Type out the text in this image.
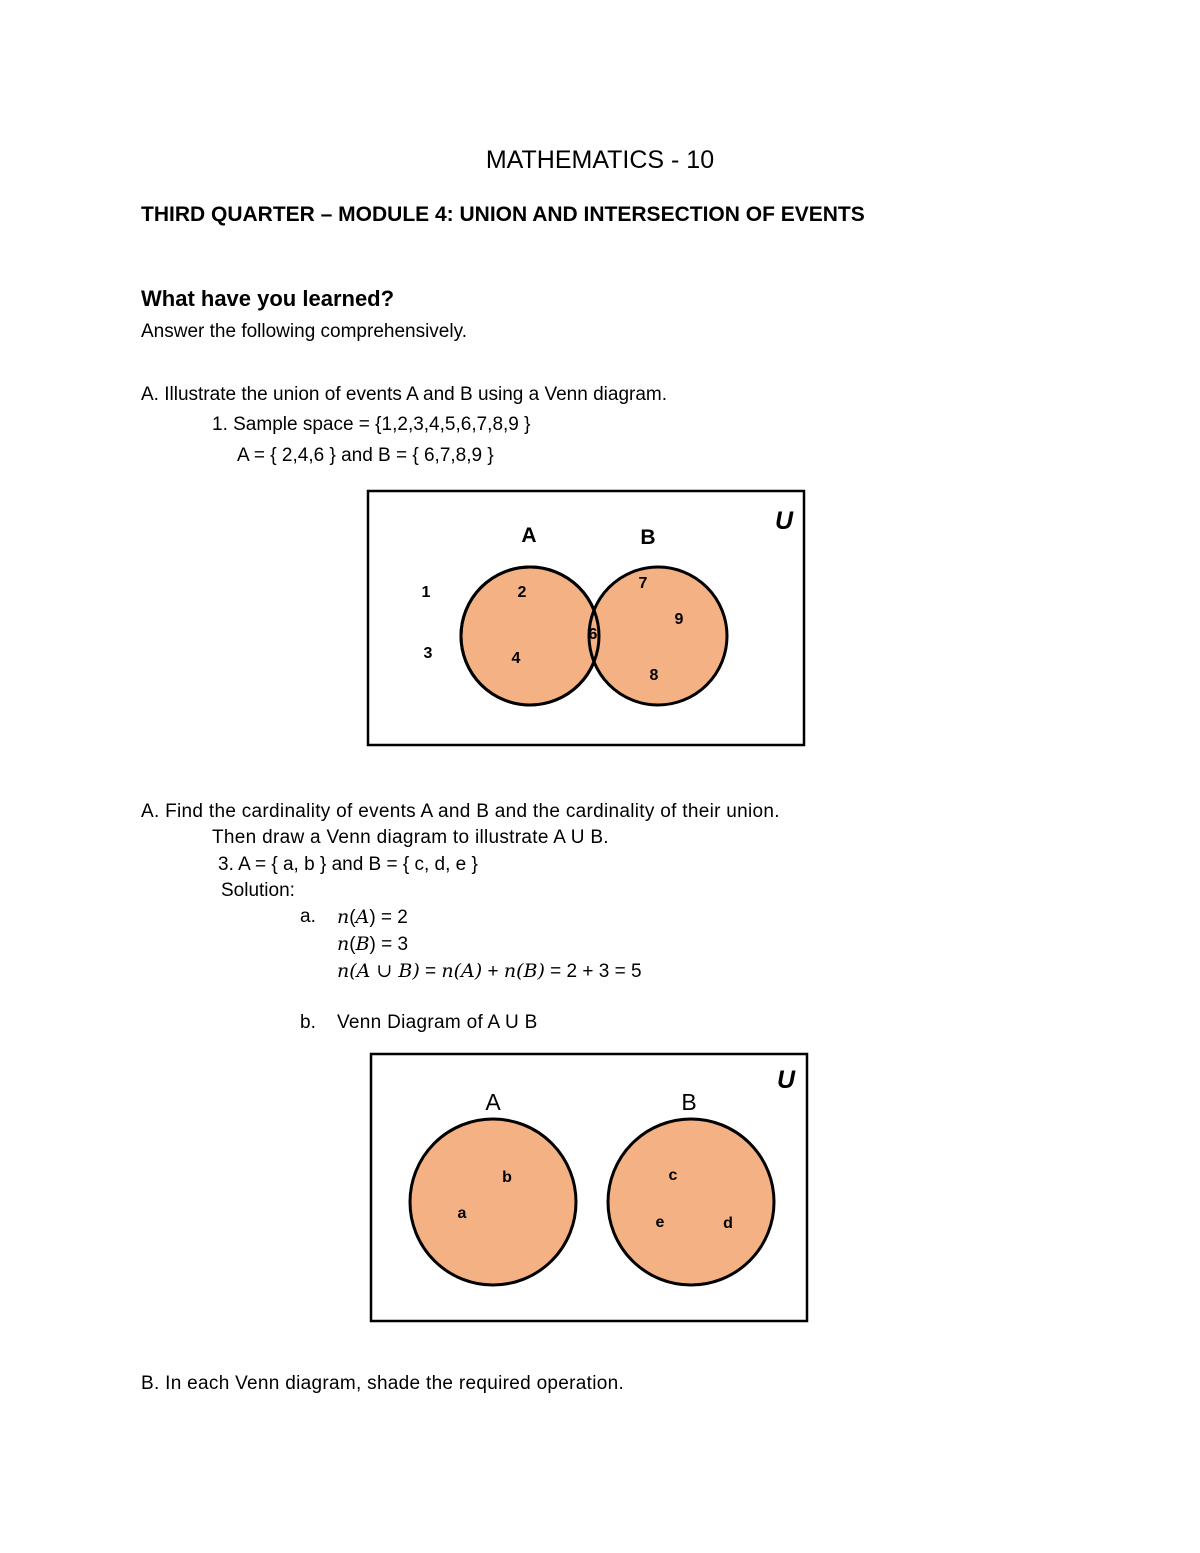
MATHEMATICS - 10
THIRD QUARTER – MODULE 4: UNION AND INTERSECTION OF EVENTS
What have you learned?
Answer the following comprehensively.
A. Illustrate the union of events A and B using a Venn diagram.
1. Sample space = {1,2,3,4,5,6,7,8,9 }
A = { 2,4,6 } and B = { 6,7,8,9 }
U
A	B
1
3
2
4
6
7
9
8
A. Find the cardinality of events A and B and the cardinality of their union.
Then draw a Venn diagram to illustrate A U B.
3. A = { a, b } and B = { c, d, e }
Solution:
a. n(A) = 2
n(B) = 3
n(A ∪ B) = n(A) + n(B) = 2 + 3 = 5
b. Venn Diagram of A U B
U
A	B
b
a
c
e	d
B. In each Venn diagram, shade the required operation.
